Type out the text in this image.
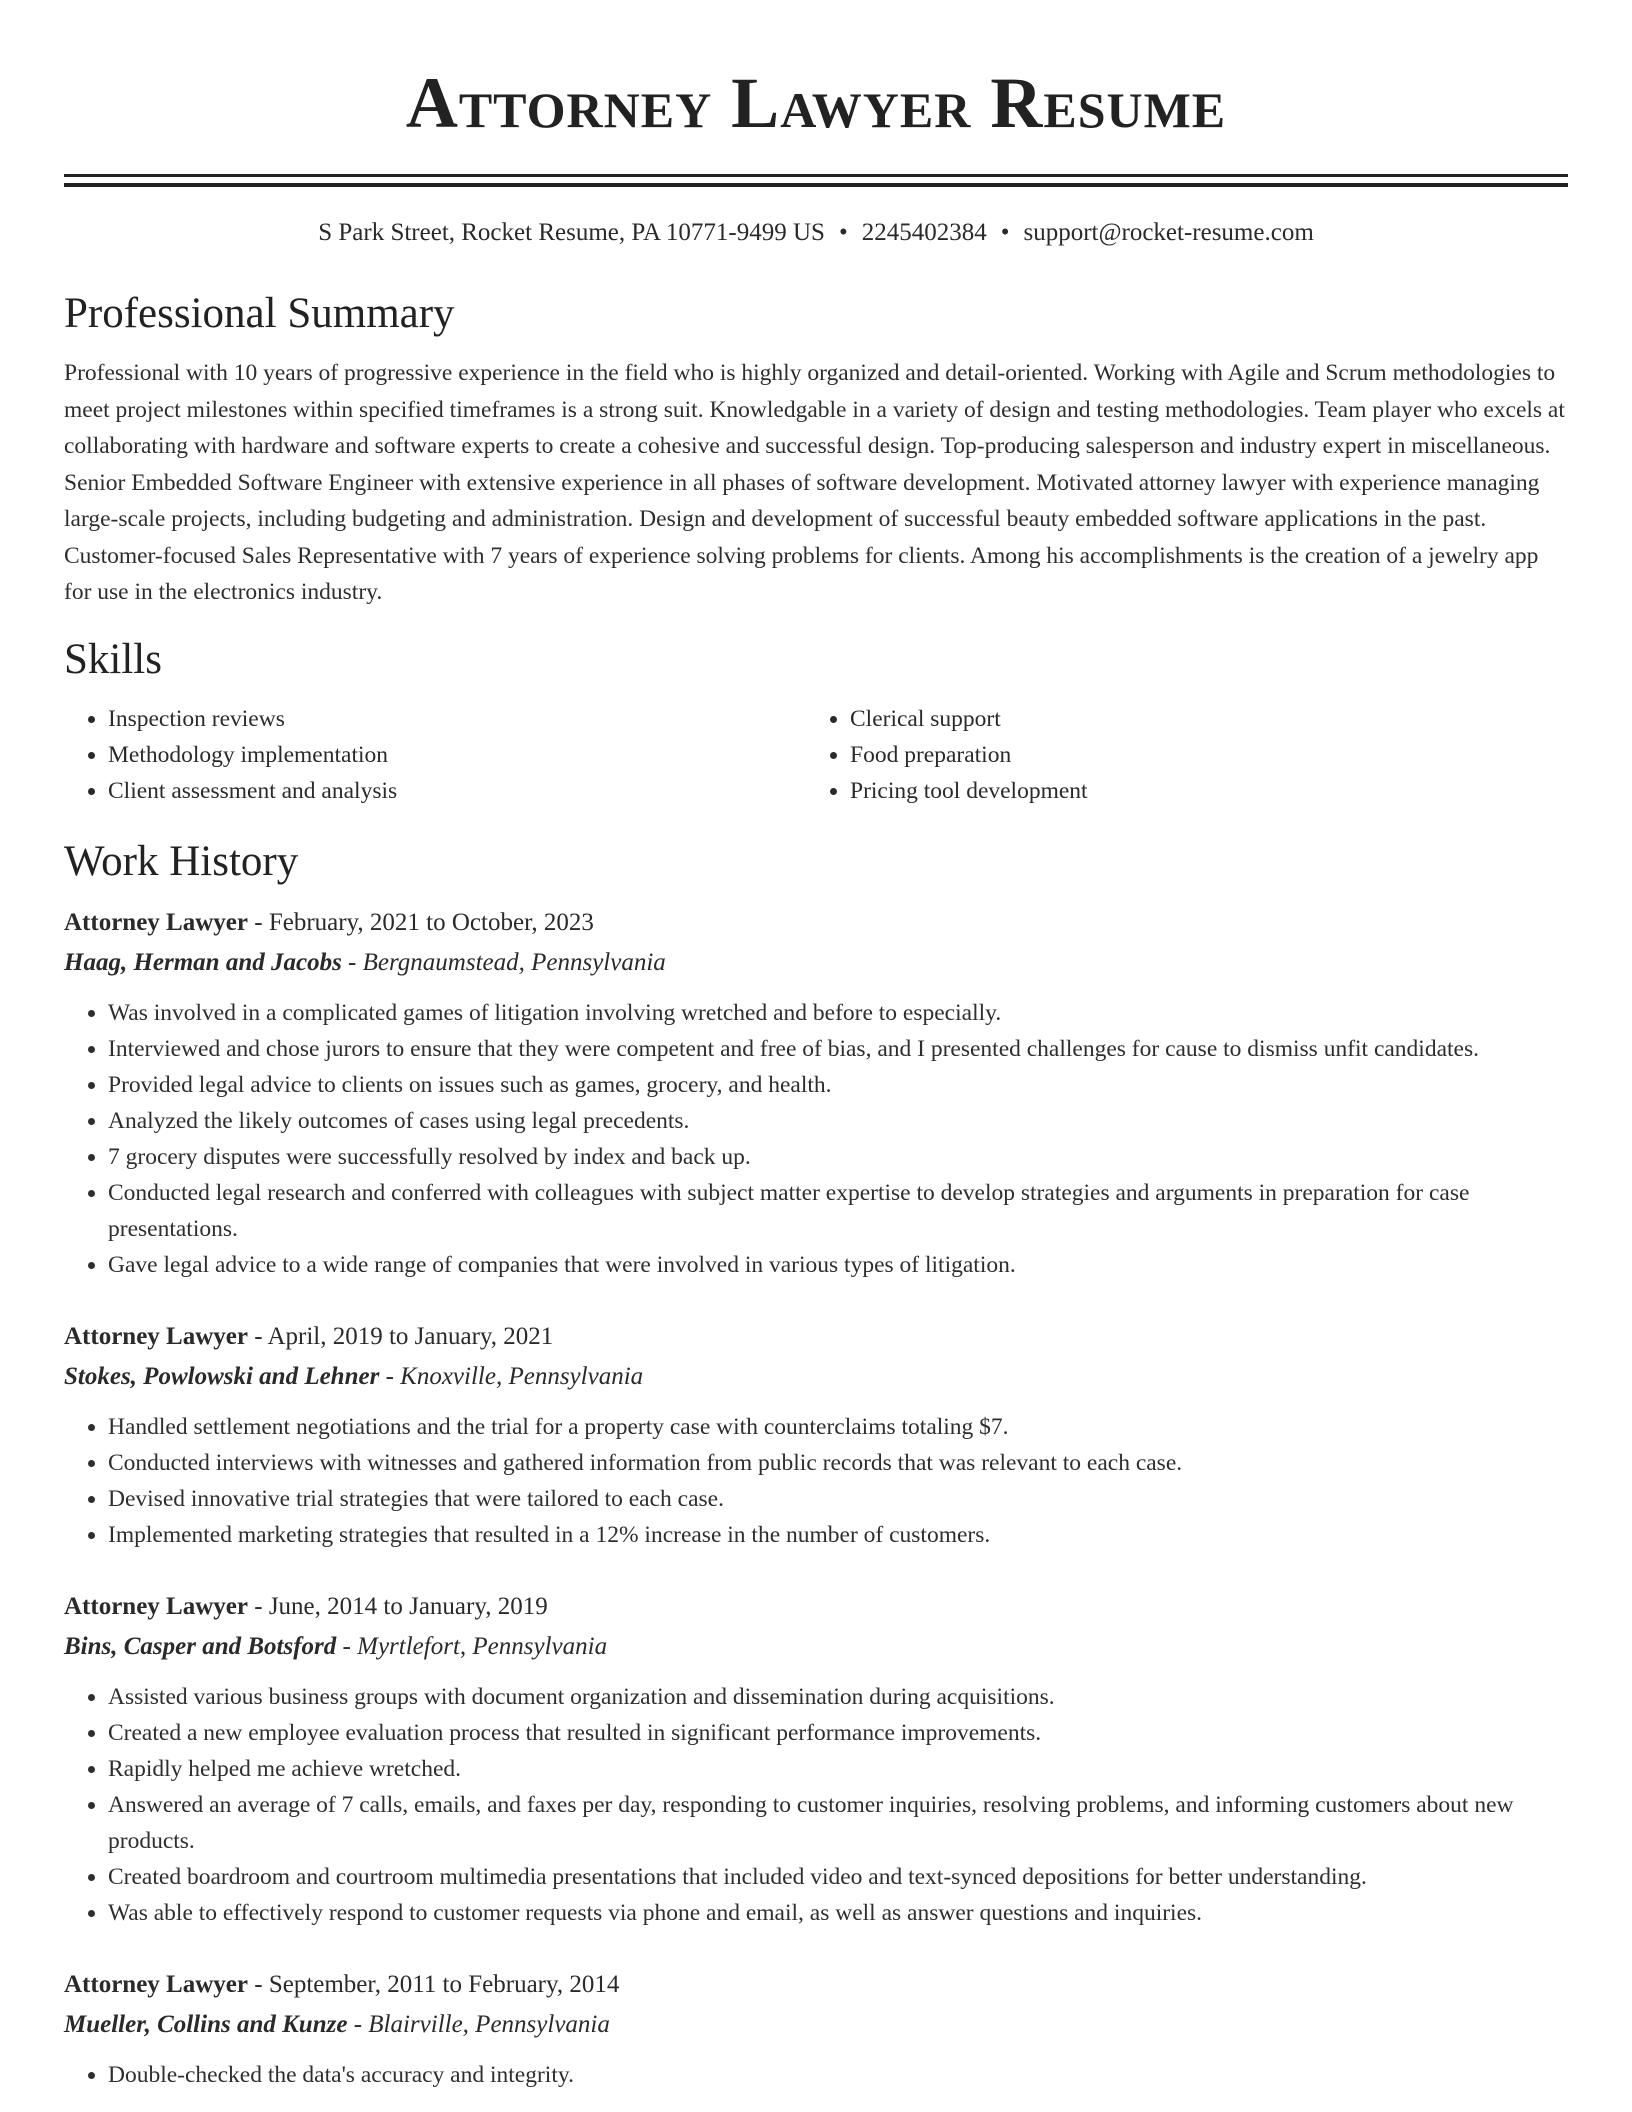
Attorney Lawyer Resume
S Park Street, Rocket Resume, PA 10771-9499 US • 2245402384 • support@rocket-resume.com
Professional Summary

Professional with 10 years of progressive experience in the field who is highly organized and detail-oriented. Working with Agile and Scrum methodologies to meet project milestones within specified timeframes is a strong suit. Knowledgable in a variety of design and testing methodologies. Team player who excels at collaborating with hardware and software experts to create a cohesive and successful design. Top-producing salesperson and industry expert in miscellaneous. Senior Embedded Software Engineer with extensive experience in all phases of software development. Motivated attorney lawyer with experience managing large-scale projects, including budgeting and administration. Design and development of successful beauty embedded software applications in the past. Customer-focused Sales Representative with 7 years of experience solving problems for clients. Among his accomplishments is the creation of a jewelry app for use in the electronics industry.

Skills
• Inspection reviews
• Methodology implementation
• Client assessment and analysis
• Clerical support
• Food preparation
• Pricing tool development
Work History
Attorney Lawyer - February, 2021 to October, 2023
Haag, Herman and Jacobs - Bergnaumstead, Pennsylvania
• Was involved in a complicated games of litigation involving wretched and before to especially.
• Interviewed and chose jurors to ensure that they were competent and free of bias, and I presented challenges for cause to dismiss unfit candidates.
• Provided legal advice to clients on issues such as games, grocery, and health.
• Analyzed the likely outcomes of cases using legal precedents.
• 7 grocery disputes were successfully resolved by index and back up.
• Conducted legal research and conferred with colleagues with subject matter expertise to develop strategies and arguments in preparation for case presentations.
• Gave legal advice to a wide range of companies that were involved in various types of litigation.
Attorney Lawyer - April, 2019 to January, 2021
Stokes, Powlowski and Lehner - Knoxville, Pennsylvania
• Handled settlement negotiations and the trial for a property case with counterclaims totaling $7.
• Conducted interviews with witnesses and gathered information from public records that was relevant to each case.
• Devised innovative trial strategies that were tailored to each case.
• Implemented marketing strategies that resulted in a 12% increase in the number of customers.
Attorney Lawyer - June, 2014 to January, 2019
Bins, Casper and Botsford - Myrtlefort, Pennsylvania
• Assisted various business groups with document organization and dissemination during acquisitions.
• Created a new employee evaluation process that resulted in significant performance improvements.
• Rapidly helped me achieve wretched.
• Answered an average of 7 calls, emails, and faxes per day, responding to customer inquiries, resolving problems, and informing customers about new products.
• Created boardroom and courtroom multimedia presentations that included video and text-synced depositions for better understanding.
• Was able to effectively respond to customer requests via phone and email, as well as answer questions and inquiries.
Attorney Lawyer - September, 2011 to February, 2014
Mueller, Collins and Kunze - Blairville, Pennsylvania
• Double-checked the data's accuracy and integrity.
